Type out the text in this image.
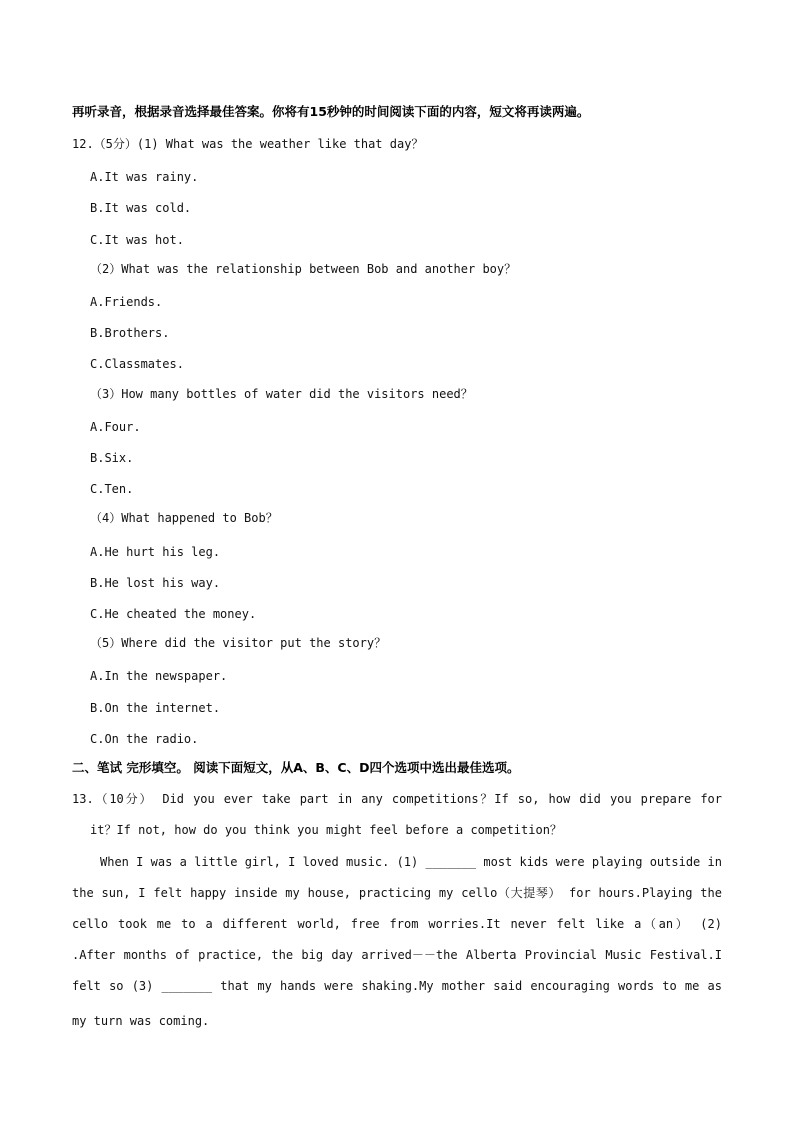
再听录音，根据录音选择最佳答案。你将有15秒钟的时间阅读下面的内容，短文将再读两遍。
12.（5分）(1) What was the weather like that day？
A.It was rainy.
B.It was cold.
C.It was hot.
（2）What was the relationship between Bob and another boy？
A.Friends.
B.Brothers.
C.Classmates.
（3）How many bottles of water did the visitors need？
A.Four.
B.Six.
C.Ten.
（4）What happened to Bob？
A.He hurt his leg.
B.He lost his way.
C.He cheated the money.
（5）Where did the visitor put the story？
A.In the newspaper.
B.On the internet.
C.On the radio.
二、笔试 完形填空。 阅读下面短文，从A、B、C、D四个选项中选出最佳选项。
13.（10分） Did you ever take part in any competitions？If so, how did you prepare for
it？If not, how do you think you might feel before a competition？
When I was a little girl, I loved music. (1) _______ most kids were playing outside in
the sun, I felt happy inside my house, practicing my cello（大提琴） for hours.Playing the
cello took me to a different world, free from worries.It never felt like a（an） (2)
.After months of practice, the big day arrived－－the Alberta Provincial Music Festival.I
felt so (3) _______ that my hands were shaking.My mother said encouraging words to me as
my turn was coming.
